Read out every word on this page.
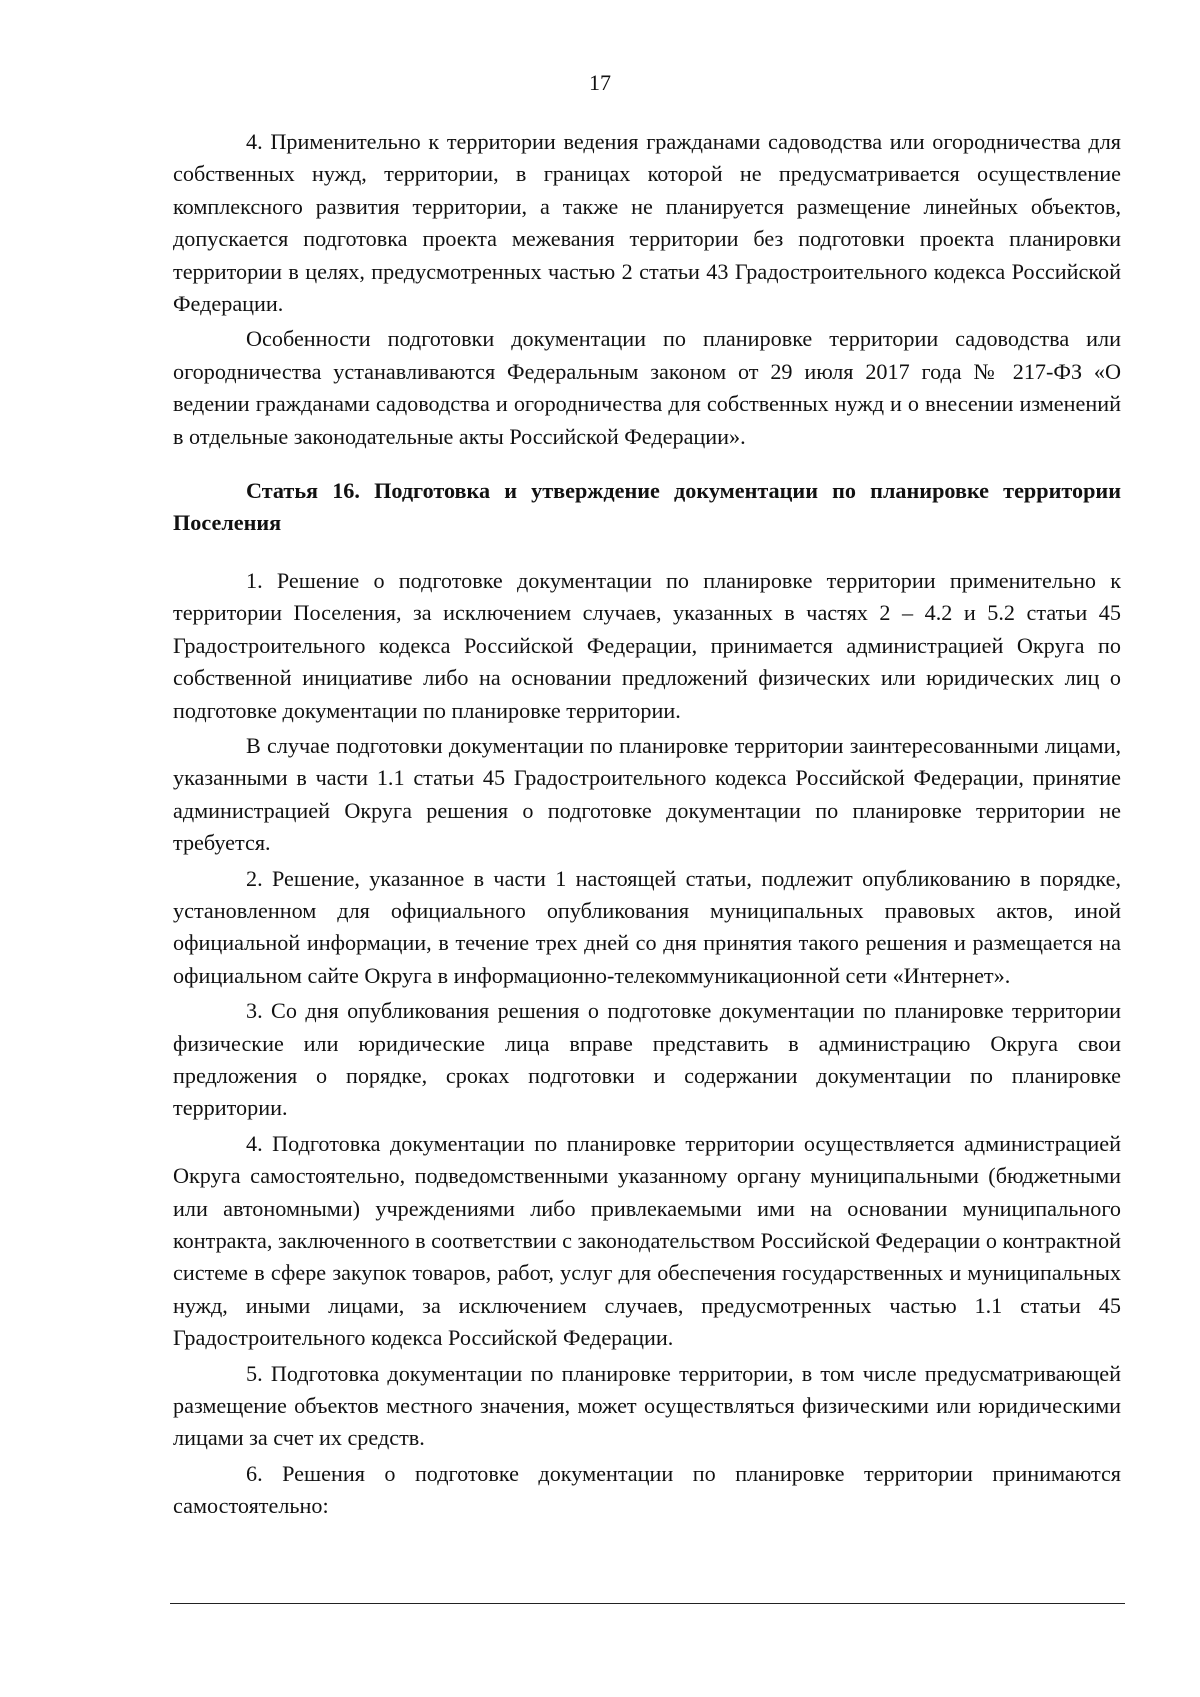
17

4. Применительно к территории ведения гражданами садоводства или огородничества для собственных нужд, территории, в границах которой не предусматривается осуществление комплексного развития территории, а также не планируется размещение линейных объектов, допускается подготовка проекта межевания территории без подготовки проекта планировки территории в целях, предусмотренных частью 2 статьи 43 Градостроительного кодекса Российской Федерации.

Особенности подготовки документации по планировке территории садоводства или огородничества устанавливаются Федеральным законом от 29 июля 2017 года № 217-ФЗ «О ведении гражданами садоводства и огородничества для собственных нужд и о внесении изменений в отдельные законодательные акты Российской Федерации».

Статья 16. Подготовка и утверждение документации по планировке территории Поселения

1. Решение о подготовке документации по планировке территории применительно к территории Поселения, за исключением случаев, указанных в частях 2 – 4.2 и 5.2 статьи 45 Градостроительного кодекса Российской Федерации, принимается администрацией Округа по собственной инициативе либо на основании предложений физических или юридических лиц о подготовке документации по планировке территории.

В случае подготовки документации по планировке территории заинтересованными лицами, указанными в части 1.1 статьи 45 Градостроительного кодекса Российской Федерации, принятие администрацией Округа решения о подготовке документации по планировке территории не требуется.

2. Решение, указанное в части 1 настоящей статьи, подлежит опубликованию в порядке, установленном для официального опубликования муниципальных правовых актов, иной официальной информации, в течение трех дней со дня принятия такого решения и размещается на официальном сайте Округа в информационно-телекоммуникационной сети «Интернет».

3. Со дня опубликования решения о подготовке документации по планировке территории физические или юридические лица вправе представить в администрацию Округа свои предложения о порядке, сроках подготовки и содержании документации по планировке территории.

4. Подготовка документации по планировке территории осуществляется администрацией Округа самостоятельно, подведомственными указанному органу муниципальными (бюджетными или автономными) учреждениями либо привлекаемыми ими на основании муниципального контракта, заключенного в соответствии с законодательством Российской Федерации о контрактной системе в сфере закупок товаров, работ, услуг для обеспечения государственных и муниципальных нужд, иными лицами, за исключением случаев, предусмотренных частью 1.1 статьи 45 Градостроительного кодекса Российской Федерации.

5. Подготовка документации по планировке территории, в том числе предусматривающей размещение объектов местного значения, может осуществляться физическими или юридическими лицами за счет их средств.

6. Решения о подготовке документации по планировке территории принимаются самостоятельно:
